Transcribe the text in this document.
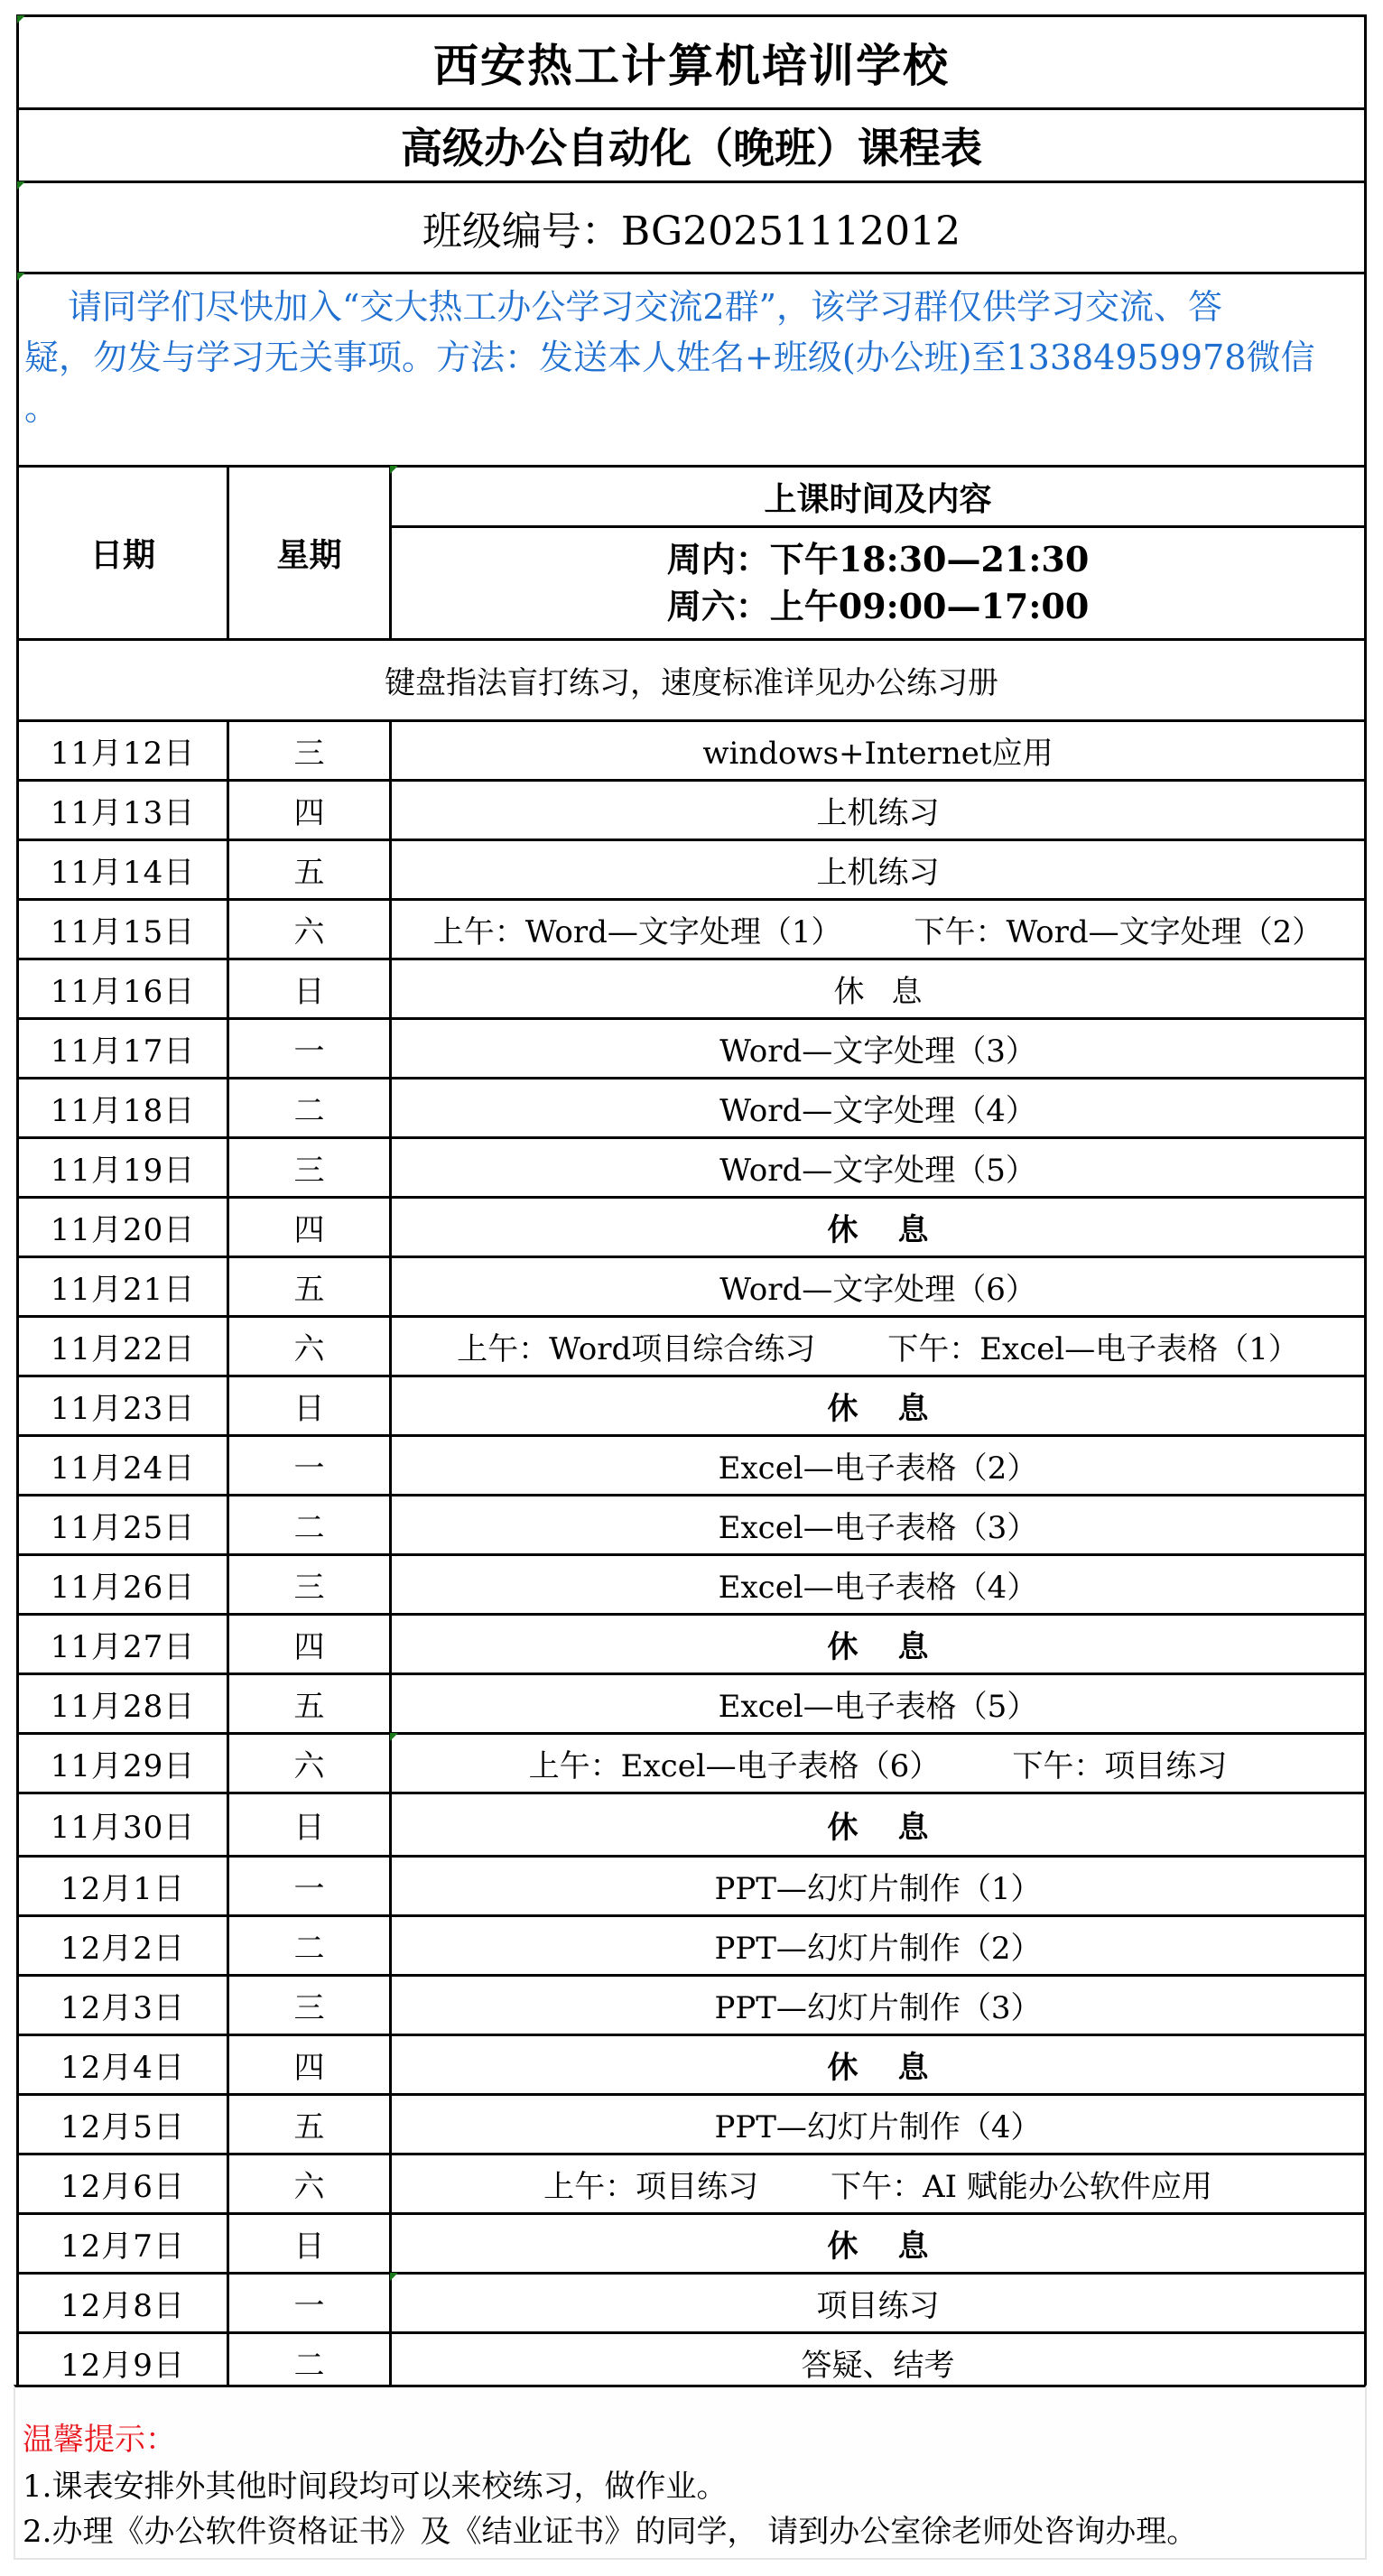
西安热工计算机培训学校		
高级办公自动化（晚班）课程表		

班级编号：BG20251112012		

请同学们尽快加入“交大热工办公学习交流2群”，该学习群仅供学习交流、答
疑，勿发与学习无关事项。方法：发送本人姓名+班级(办公班)至13384959978微信
。		
日期	星期	上课时间及内容
		周内：下午18:30—21:30
周六：上午09:00—17:00
键盘指法盲打练习，速度标准详见办公练习册		
11月12日	三	windows+Internet应用
11月13日	四	上机练习
11月14日	五	上机练习
11月15日	六	上午：Word—文字处理（1） 下午：Word—文字处理（2）

11月16日	日	休息
11月17日	一	Word—文字处理（3）
11月18日	二	Word—文字处理（4）
11月19日	三	Word—文字处理（5）
11月20日	四	休息
11月21日	五	Word—文字处理（6）
11月22日	六	上午：Word项目综合练习 下午：Excel—电子表格（1）

11月23日	日	休息
11月24日	一	Excel—电子表格（2）
11月25日	二	Excel—电子表格（3）
11月26日	三	Excel—电子表格（4）
11月27日	四	休息
11月28日	五	Excel—电子表格（5）
11月29日	六	上午：Excel—电子表格（6） 下午：项目练习

11月30日	日	休息
12月1日	一	PPT—幻灯片制作（1）
12月2日	二	PPT—幻灯片制作（2）
12月3日	三	PPT—幻灯片制作（3）
12月4日	四	休息
12月5日	五	PPT—幻灯片制作（4）
12月6日	六	上午：项目练习 下午：AI 赋能办公软件应用

12月7日	日	休息
12月8日	一	项目练习
12月9日	二	答疑、结考
温馨提示：
1.课表安排外其他时间段均可以来校练习，做作业。
2.办理《办公软件资格证书》及《结业证书》的同学， 请到办公室徐老师处咨询办理。
